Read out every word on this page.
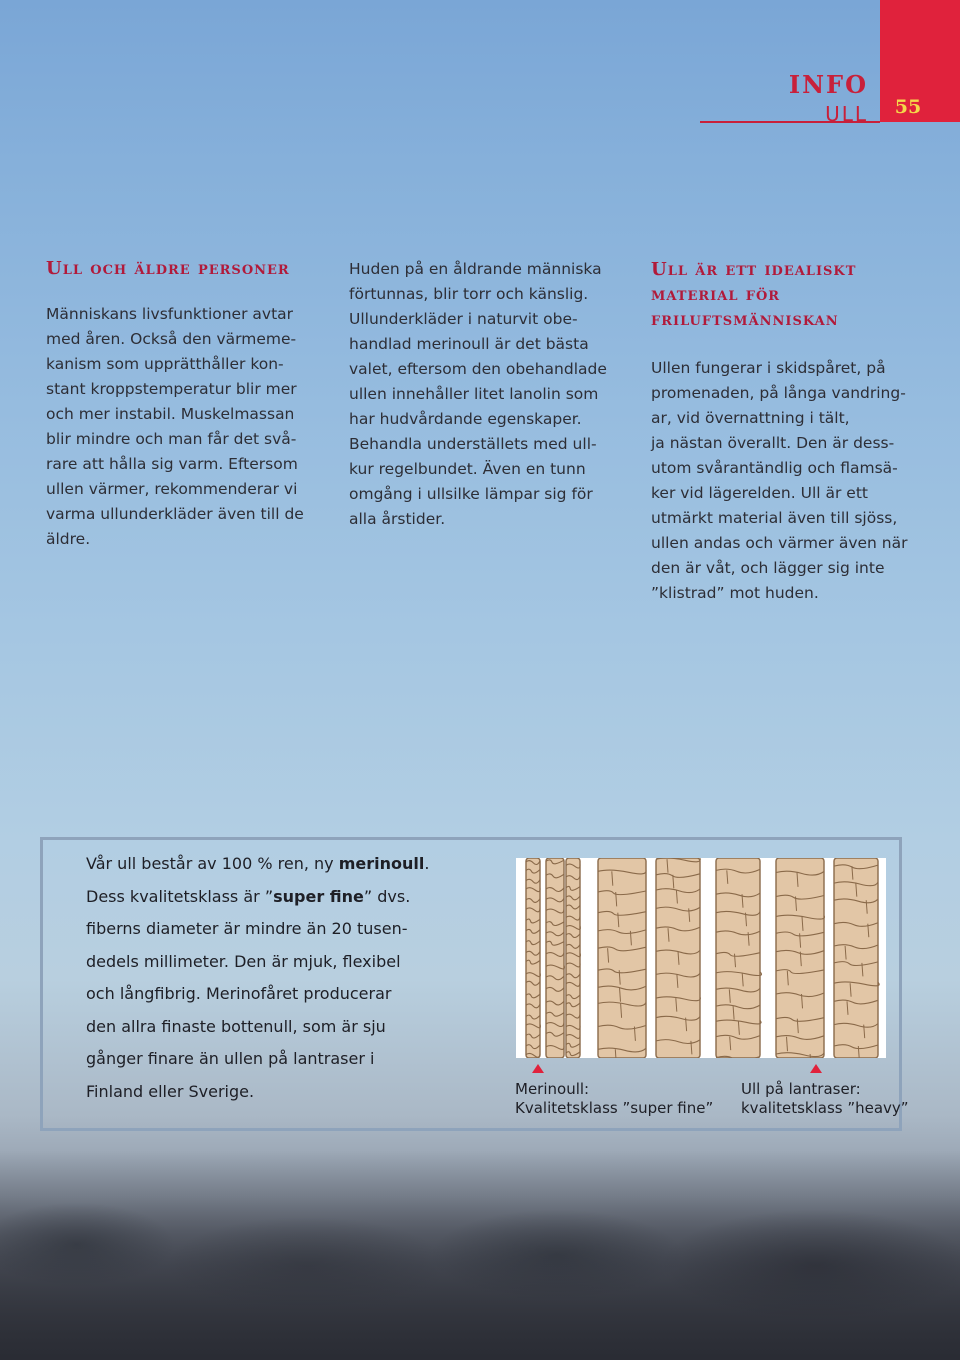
55
INFO
ULL
Ull och äldre personer

Människans livsfunktioner avtar
med åren. Också den värmeme-
kanism som upprätthåller kon-
stant kroppstemperatur blir mer
och mer instabil. Muskelmassan
blir mindre och man får det svå-
rare att hålla sig varm. Eftersom
ullen värmer, rekommenderar vi
varma ullunderkläder även till de
äldre.

Huden på en åldrande människa
förtunnas, blir torr och känslig.
Ullunderkläder i naturvit obe-
handlad merinoull är det bästa
valet, eftersom den obehandlade
ullen innehåller litet lanolin som
har hudvårdande egenskaper.
Behandla underställets med ull-
kur regelbundet. Även en tunn
omgång i ullsilke lämpar sig för
alla årstider.

Ull är ett idealiskt
material för
friluftsmänniskan

Ullen fungerar i skidspåret, på
promenaden, på långa vandring-
ar, vid övernattning i tält,
ja nästan överallt. Den är dess-
utom svårantändlig och flamsä-
ker vid lägerelden. Ull är ett
utmärkt material även till sjöss,
ullen andas och värmer även när
den är våt, och lägger sig inte
”klistrad” mot huden.

Vår ull består av 100 % ren, ny merinoull.
Dess kvalitetsklass är ”super fine” dvs.
fiberns diameter är mindre än 20 tusen-
dedels millimeter. Den är mjuk, flexibel
och långfibrig. Merinofåret producerar
den allra finaste bottenull, som är sju
gånger finare än ullen på lantraser i
Finland eller Sverige.	Merinoull:
Kvalitetsklass ”super fine”
Ull på lantraser:
kvalitetsklass ”heavy”
